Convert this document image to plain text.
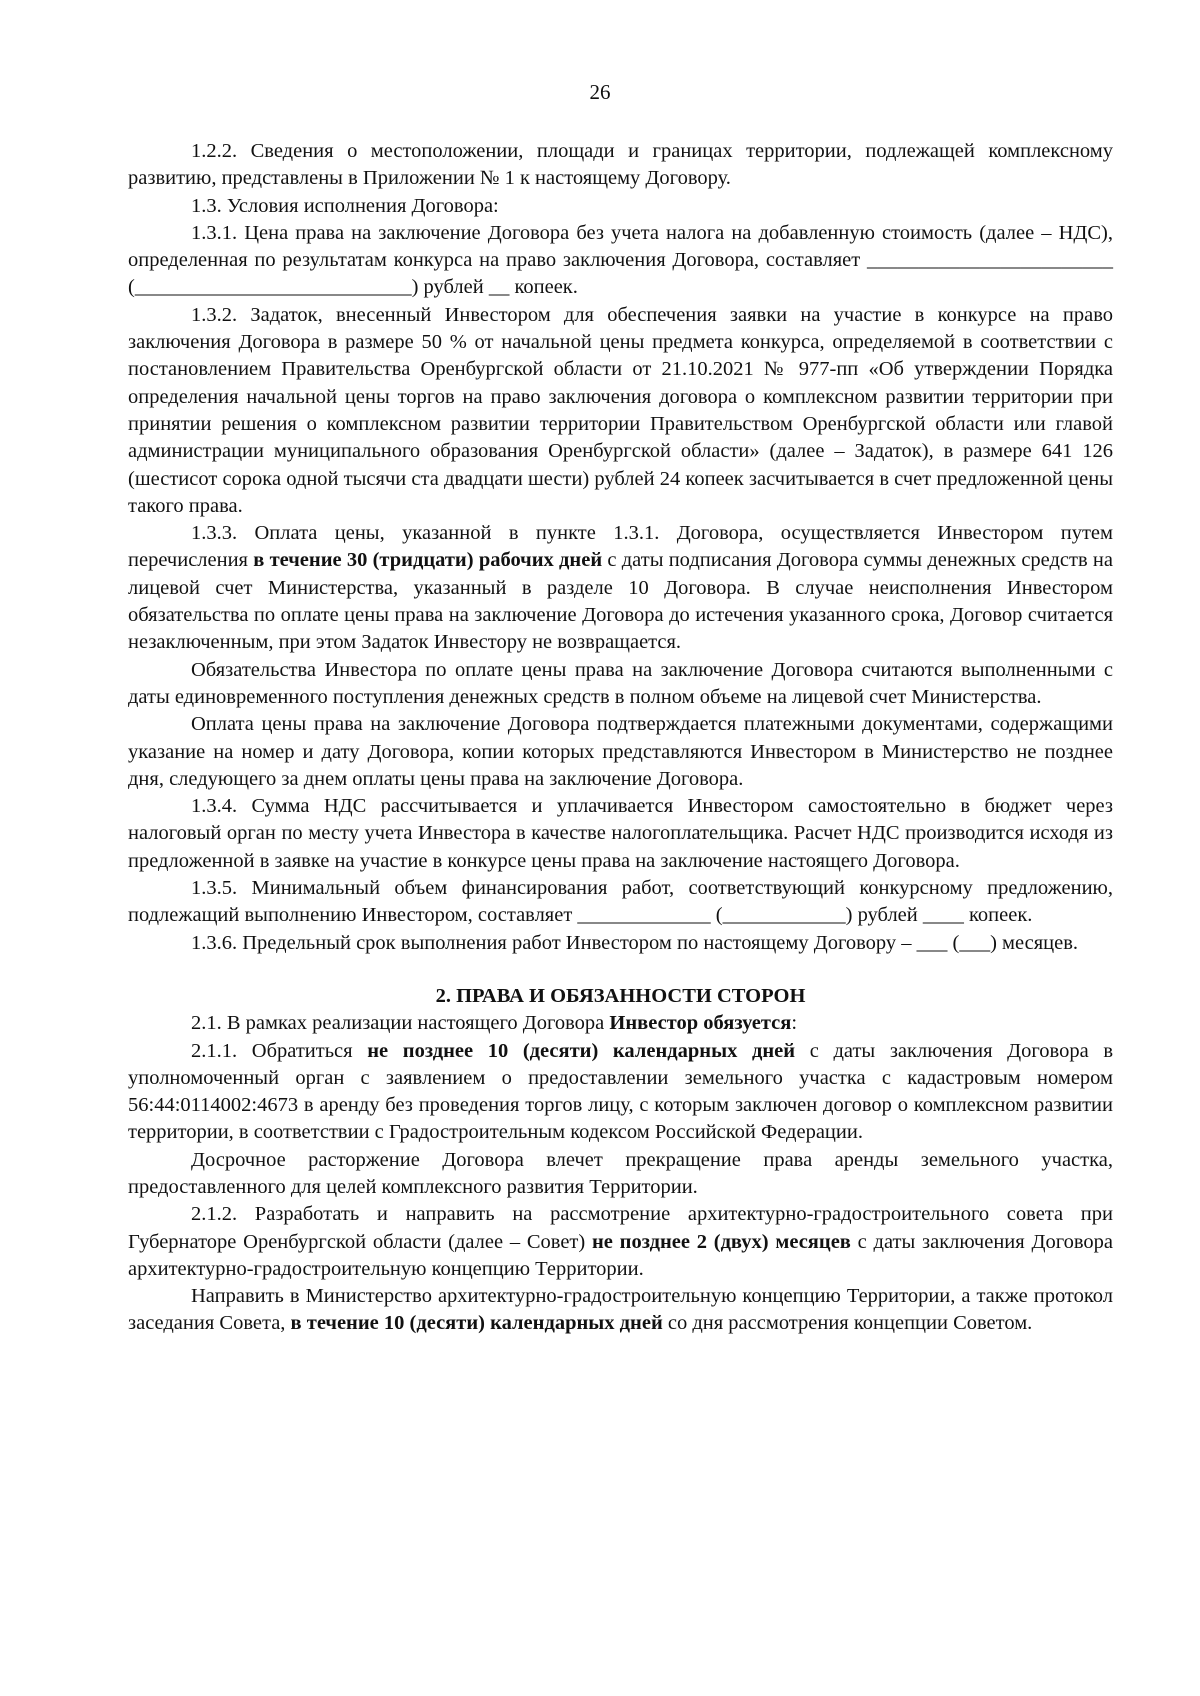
26

1.2.2. Сведения о местоположении, площади и границах территории, подлежащей комплексному развитию, представлены в Приложении № 1 к настоящему Договору.

1.3. Условия исполнения Договора:

1.3.1. Цена права на заключение Договора без учета налога на добавленную стоимость (далее – НДС), определенная по результатам конкурса на право заключения Договора, составляет ________________________ (___________________________) рублей __ копеек.

1.3.2. Задаток, внесенный Инвестором для обеспечения заявки на участие в конкурсе на право заключения Договора в размере 50 % от начальной цены предмета конкурса, определяемой в соответствии с постановлением Правительства Оренбургской области от 21.10.2021 № 977-пп «Об утверждении Порядка определения начальной цены торгов на право заключения договора о комплексном развитии территории при принятии решения о комплексном развитии территории Правительством Оренбургской области или главой администрации муниципального образования Оренбургской области» (далее – Задаток), в размере 641 126 (шестисот сорока одной тысячи ста двадцати шести) рублей 24 копеек засчитывается в счет предложенной цены такого права.

1.3.3. Оплата цены, указанной в пункте 1.3.1. Договора, осуществляется Инвестором путем перечисления в течение 30 (тридцати) рабочих дней с даты подписания Договора суммы денежных средств на лицевой счет Министерства, указанный в разделе 10 Договора. В случае неисполнения Инвестором обязательства по оплате цены права на заключение Договора до истечения указанного срока, Договор считается незаключенным, при этом Задаток Инвестору не возвращается.

Обязательства Инвестора по оплате цены права на заключение Договора считаются выполненными с даты единовременного поступления денежных средств в полном объеме на лицевой счет Министерства.

Оплата цены права на заключение Договора подтверждается платежными документами, содержащими указание на номер и дату Договора, копии которых представляются Инвестором в Министерство не позднее дня, следующего за днем оплаты цены права на заключение Договора.

1.3.4. Сумма НДС рассчитывается и уплачивается Инвестором самостоятельно в бюджет через налоговый орган по месту учета Инвестора в качестве налогоплательщика. Расчет НДС производится исходя из предложенной в заявке на участие в конкурсе цены права на заключение настоящего Договора.

1.3.5. Минимальный объем финансирования работ, соответствующий конкурсному предложению, подлежащий выполнению Инвестором, составляет _____________ (____________) рублей ____ копеек.

1.3.6. Предельный срок выполнения работ Инвестором по настоящему Договору – ___ (___) месяцев.

2. ПРАВА И ОБЯЗАННОСТИ СТОРОН

2.1. В рамках реализации настоящего Договора Инвестор обязуется:

2.1.1. Обратиться не позднее 10 (десяти) календарных дней с даты заключения Договора в уполномоченный орган с заявлением о предоставлении земельного участка с кадастровым номером 56:44:0114002:4673 в аренду без проведения торгов лицу, с которым заключен договор о комплексном развитии территории, в соответствии с Градостроительным кодексом Российской Федерации.

Досрочное расторжение Договора влечет прекращение права аренды земельного участка, предоставленного для целей комплексного развития Территории.

2.1.2. Разработать и направить на рассмотрение архитектурно-градостроительного совета при Губернаторе Оренбургской области (далее – Совет) не позднее 2 (двух) месяцев с даты заключения Договора архитектурно-градостроительную концепцию Территории.

Направить в Министерство архитектурно-градостроительную концепцию Территории, а также протокол заседания Совета, в течение 10 (десяти) календарных дней со дня рассмотрения концепции Советом.
